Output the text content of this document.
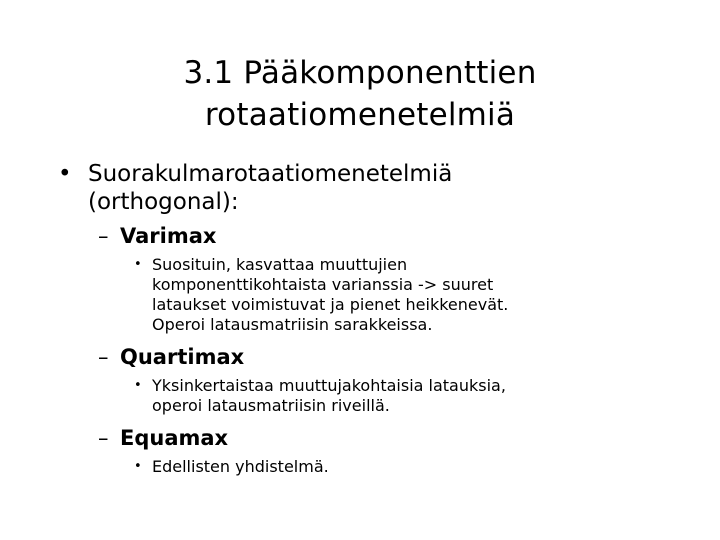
3.1 Pääkomponenttien
rotaatiomenetelmiä
• Suorakulmarotaatiomenetelmiä
(orthogonal):
– Varimax
• Suosituin, kasvattaa muuttujien
komponenttikohtaista varianssia -> suuret
lataukset voimistuvat ja pienet heikkenevät.
Operoi latausmatriisin sarakkeissa.
– Quartimax
• Yksinkertaistaa muuttujakohtaisia latauksia,
operoi latausmatriisin riveillä.
– Equamax
• Edellisten yhdistelmä.
